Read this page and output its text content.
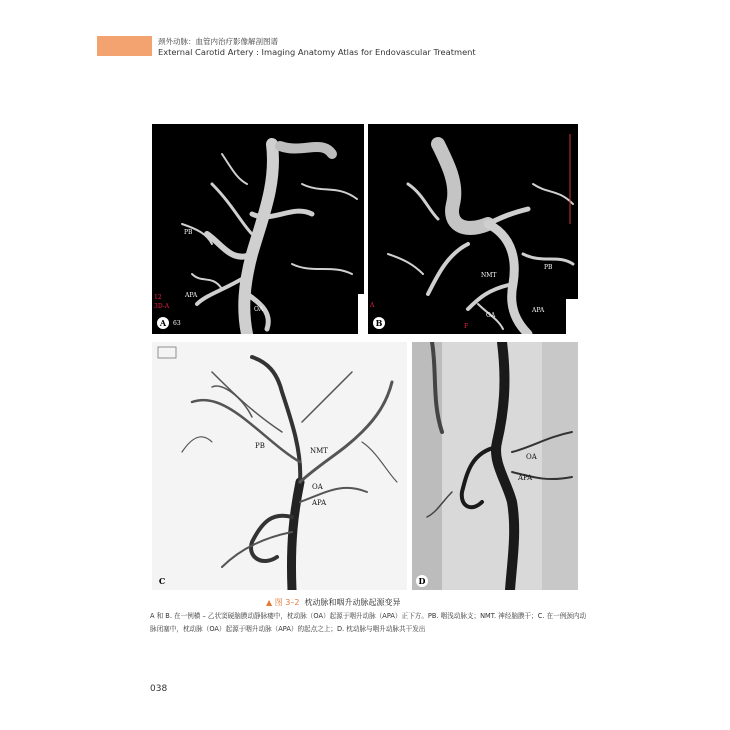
颈外动脉：血管内治疗影像解剖图谱
External Carotid Artery : Imaging Anatomy Atlas for Endovascular Treatment
A	63
12
3D-A
PB
APA
OA
B
A
F
NMT
PB
OA
APA
C
PB
NMT
OA
APA
D
OA
APA
▲ 图 3–2 枕动脉和咽升动脉起源变异
A 和 B. 在一例横 – 乙状窦硬脑膜动静脉瘘中，枕动脉（OA）起源于咽升动脉（APA）正下方。PB. 咽浅动脉支；NMT. 神经脑膜干；C. 在一例颈内动脉闭塞中，枕动脉（OA）起源于咽升动脉（APA）的起点之上；D. 枕动脉与咽升动脉共干发出
038
